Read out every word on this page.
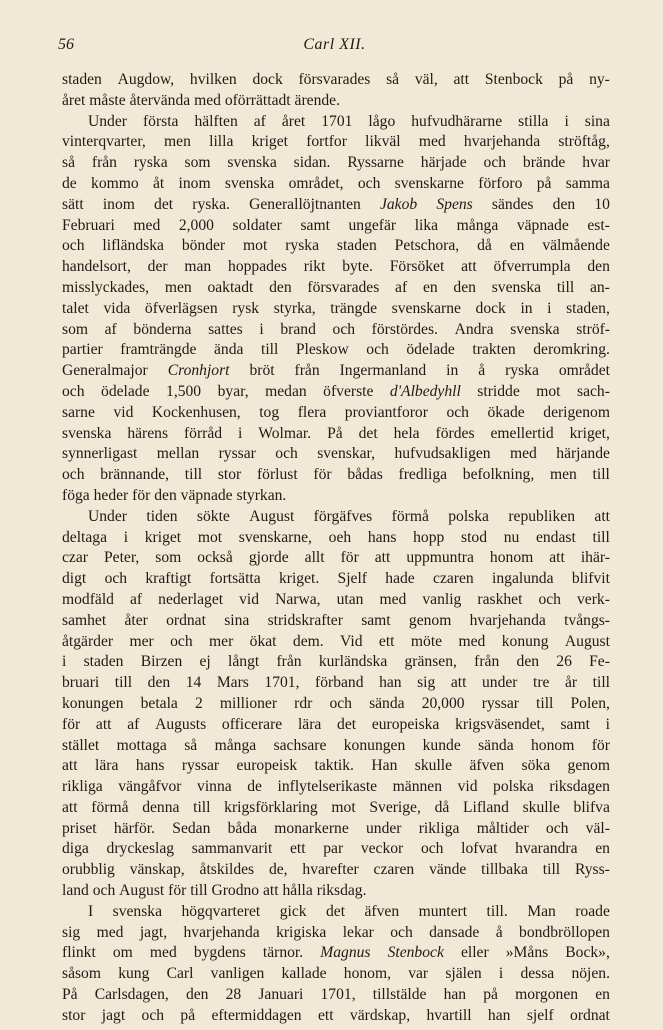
56	Carl XII.
staden Augdow, hvilken dock försvarades så väl, att Stenbock på ny-
året måste återvända med oförrättadt ärende.
Under första hälften af året 1701 lågo hufvudhärarne stilla i sina
vinterqvarter, men lilla kriget fortfor likväl med hvarjehanda ströftåg,
så från ryska som svenska sidan. Ryssarne härjade och brände hvar
de kommo åt inom svenska området, och svenskarne förforo på samma
sätt inom det ryska. Generallöjtnanten Jakob Spens sändes den 10
Februari med 2,000 soldater samt ungefär lika många väpnade est-
och lifländska bönder mot ryska staden Petschora, då en välmående
handelsort, der man hoppades rikt byte. Försöket att öfverrumpla den
misslyckades, men oaktadt den försvarades af en den svenska till an-
talet vida öfverlägsen rysk styrka, trängde svenskarne dock in i staden,
som af bönderna sattes i brand och förstördes. Andra svenska ströf-
partier framträngde ända till Pleskow och ödelade trakten deromkring.
Generalmajor Cronhjort bröt från Ingermanland in å ryska området
och ödelade 1,500 byar, medan öfverste d'Albedyhll stridde mot sach-
sarne vid Kockenhusen, tog flera proviantforor och ökade derigenom
svenska härens förråd i Wolmar. På det hela fördes emellertid kriget,
synnerligast mellan ryssar och svenskar, hufvudsakligen med härjande
och brännande, till stor förlust för bådas fredliga befolkning, men till
föga heder för den väpnade styrkan.
Under tiden sökte August förgäfves förmå polska republiken att
deltaga i kriget mot svenskarne, oeh hans hopp stod nu endast till
czar Peter, som också gjorde allt för att uppmuntra honom att ihär-
digt och kraftigt fortsätta kriget. Sjelf hade czaren ingalunda blifvit
modfäld af nederlaget vid Narwa, utan med vanlig raskhet och verk-
samhet åter ordnat sina stridskrafter samt genom hvarjehanda tvångs-
åtgärder mer och mer ökat dem. Vid ett möte med konung August
i staden Birzen ej långt från kurländska gränsen, från den 26 Fe-
bruari till den 14 Mars 1701, förband han sig att under tre år till
konungen betala 2 millioner rdr och sända 20,000 ryssar till Polen,
för att af Augusts officerare lära det europeiska krigsväsendet, samt i
stället mottaga så många sachsare konungen kunde sända honom för
att lära hans ryssar europeisk taktik. Han skulle äfven söka genom
rikliga vängåfvor vinna de inflytelserikaste männen vid polska riksdagen
att förmå denna till krigsförklaring mot Sverige, då Lifland skulle blifva
priset härför. Sedan båda monarkerne under rikliga måltider och väl-
diga dryckeslag sammanvarit ett par veckor och lofvat hvarandra en
orubblig vänskap, åtskildes de, hvarefter czaren vände tillbaka till Ryss-
land och August för till Grodno att hålla riksdag.
I svenska högqvarteret gick det äfven muntert till. Man roade
sig med jagt, hvarjehanda krigiska lekar och dansade å bondbröllopen
flinkt om med bygdens tärnor. Magnus Stenbock eller »Måns Bock»,
såsom kung Carl vanligen kallade honom, var själen i dessa nöjen.
På Carlsdagen, den 28 Januari 1701, tillstälde han på morgonen en
stor jagt och på eftermiddagen ett värdskap, hvartill han sjelf ordnat
